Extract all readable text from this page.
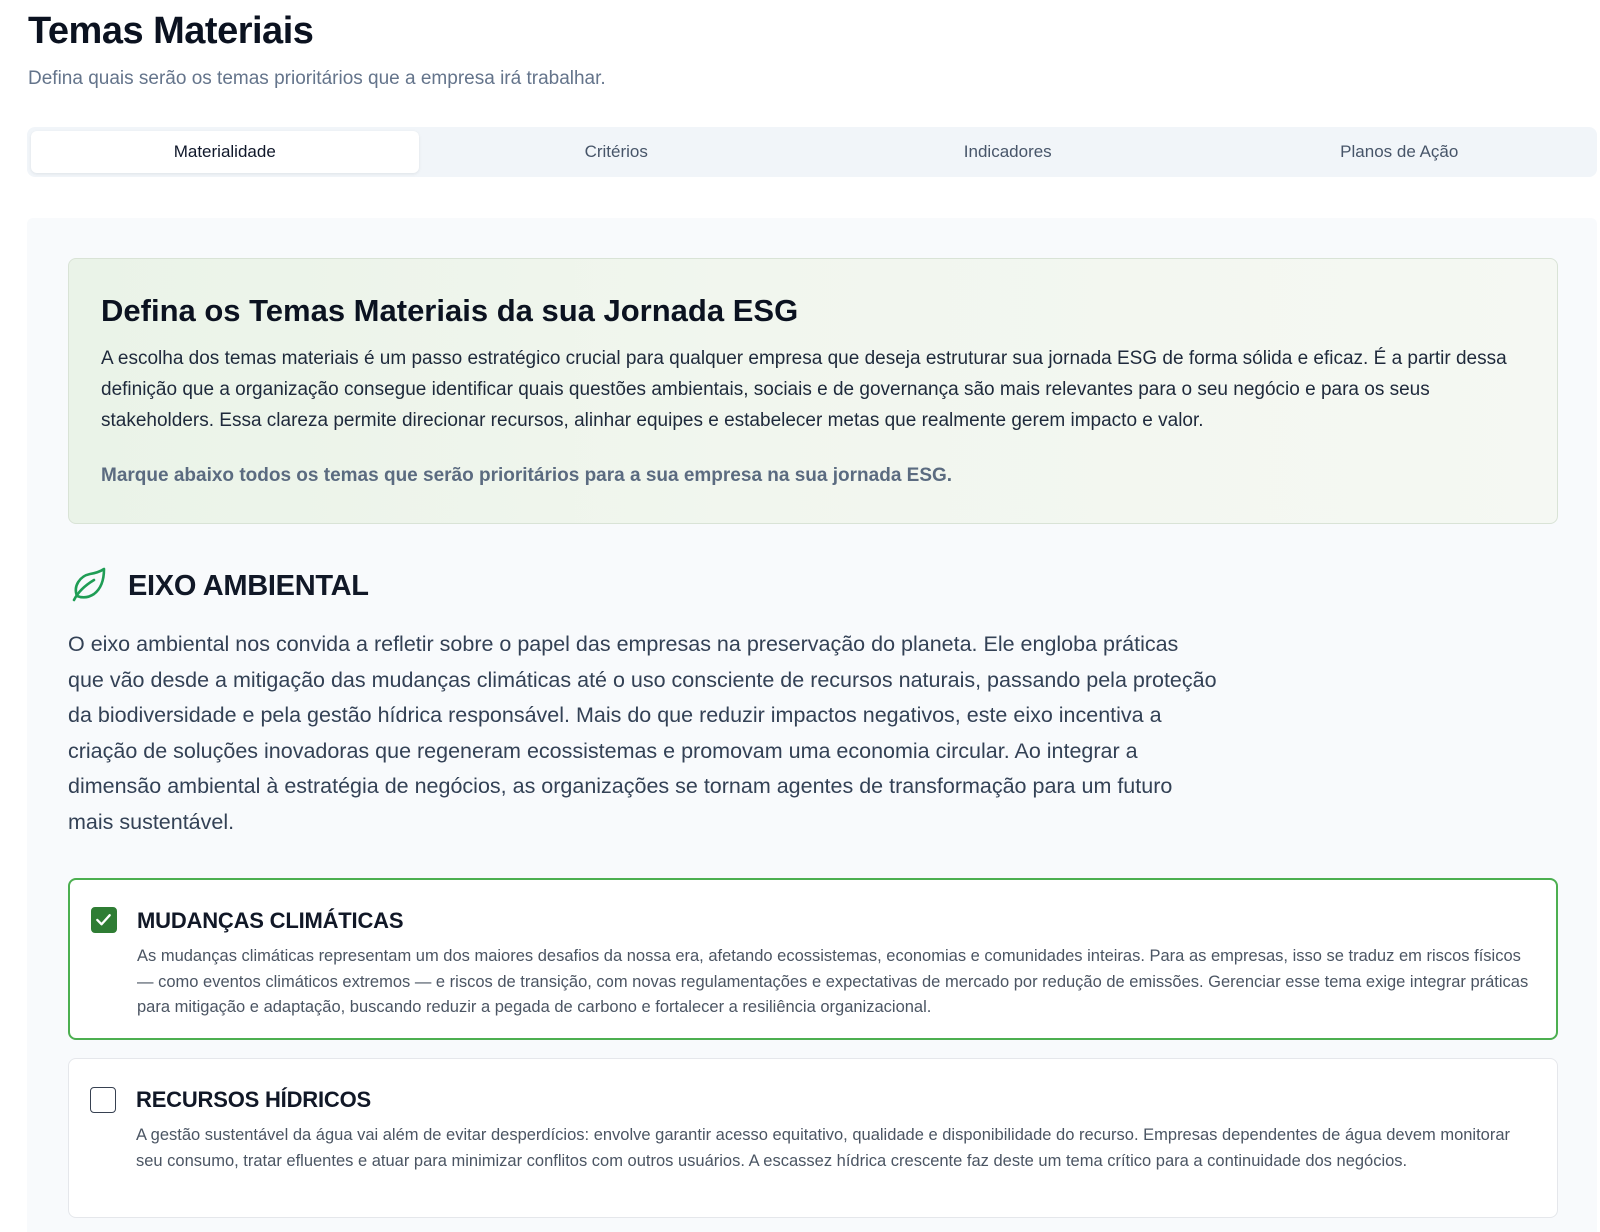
Temas Materiais

Defina quais serão os temas prioritários que a empresa irá trabalhar.

Materialidade	Critérios	Indicadores	Planos de Ação
Defina os Temas Materiais da sua Jornada ESG

A escolha dos temas materiais é um passo estratégico crucial para qualquer empresa que deseja estruturar sua jornada ESG de forma sólida e eficaz. É a partir dessa definição que a organização consegue identificar quais questões ambientais, sociais e de governança são mais relevantes para o seu negócio e para os seus stakeholders. Essa clareza permite direcionar recursos, alinhar equipes e estabelecer metas que realmente gerem impacto e valor.

Marque abaixo todos os temas que serão prioritários para a sua empresa na sua jornada ESG.

EIXO AMBIENTAL

O eixo ambiental nos convida a refletir sobre o papel das empresas na preservação do planeta. Ele engloba práticas que vão desde a mitigação das mudanças climáticas até o uso consciente de recursos naturais, passando pela proteção da biodiversidade e pela gestão hídrica responsável. Mais do que reduzir impactos negativos, este eixo incentiva a criação de soluções inovadoras que regeneram ecossistemas e promovam uma economia circular. Ao integrar a dimensão ambiental à estratégia de negócios, as organizações se tornam agentes de transformação para um futuro mais sustentável.

MUDANÇAS CLIMÁTICAS

As mudanças climáticas representam um dos maiores desafios da nossa era, afetando ecossistemas, economias e comunidades inteiras. Para as empresas, isso se traduz em riscos físicos — como eventos climáticos extremos — e riscos de transição, com novas regulamentações e expectativas de mercado por redução de emissões. Gerenciar esse tema exige integrar práticas para mitigação e adaptação, buscando reduzir a pegada de carbono e fortalecer a resiliência organizacional.

RECURSOS HÍDRICOS

A gestão sustentável da água vai além de evitar desperdícios: envolve garantir acesso equitativo, qualidade e disponibilidade do recurso. Empresas dependentes de água devem monitorar seu consumo, tratar efluentes e atuar para minimizar conflitos com outros usuários. A escassez hídrica crescente faz deste um tema crítico para a continuidade dos negócios.
